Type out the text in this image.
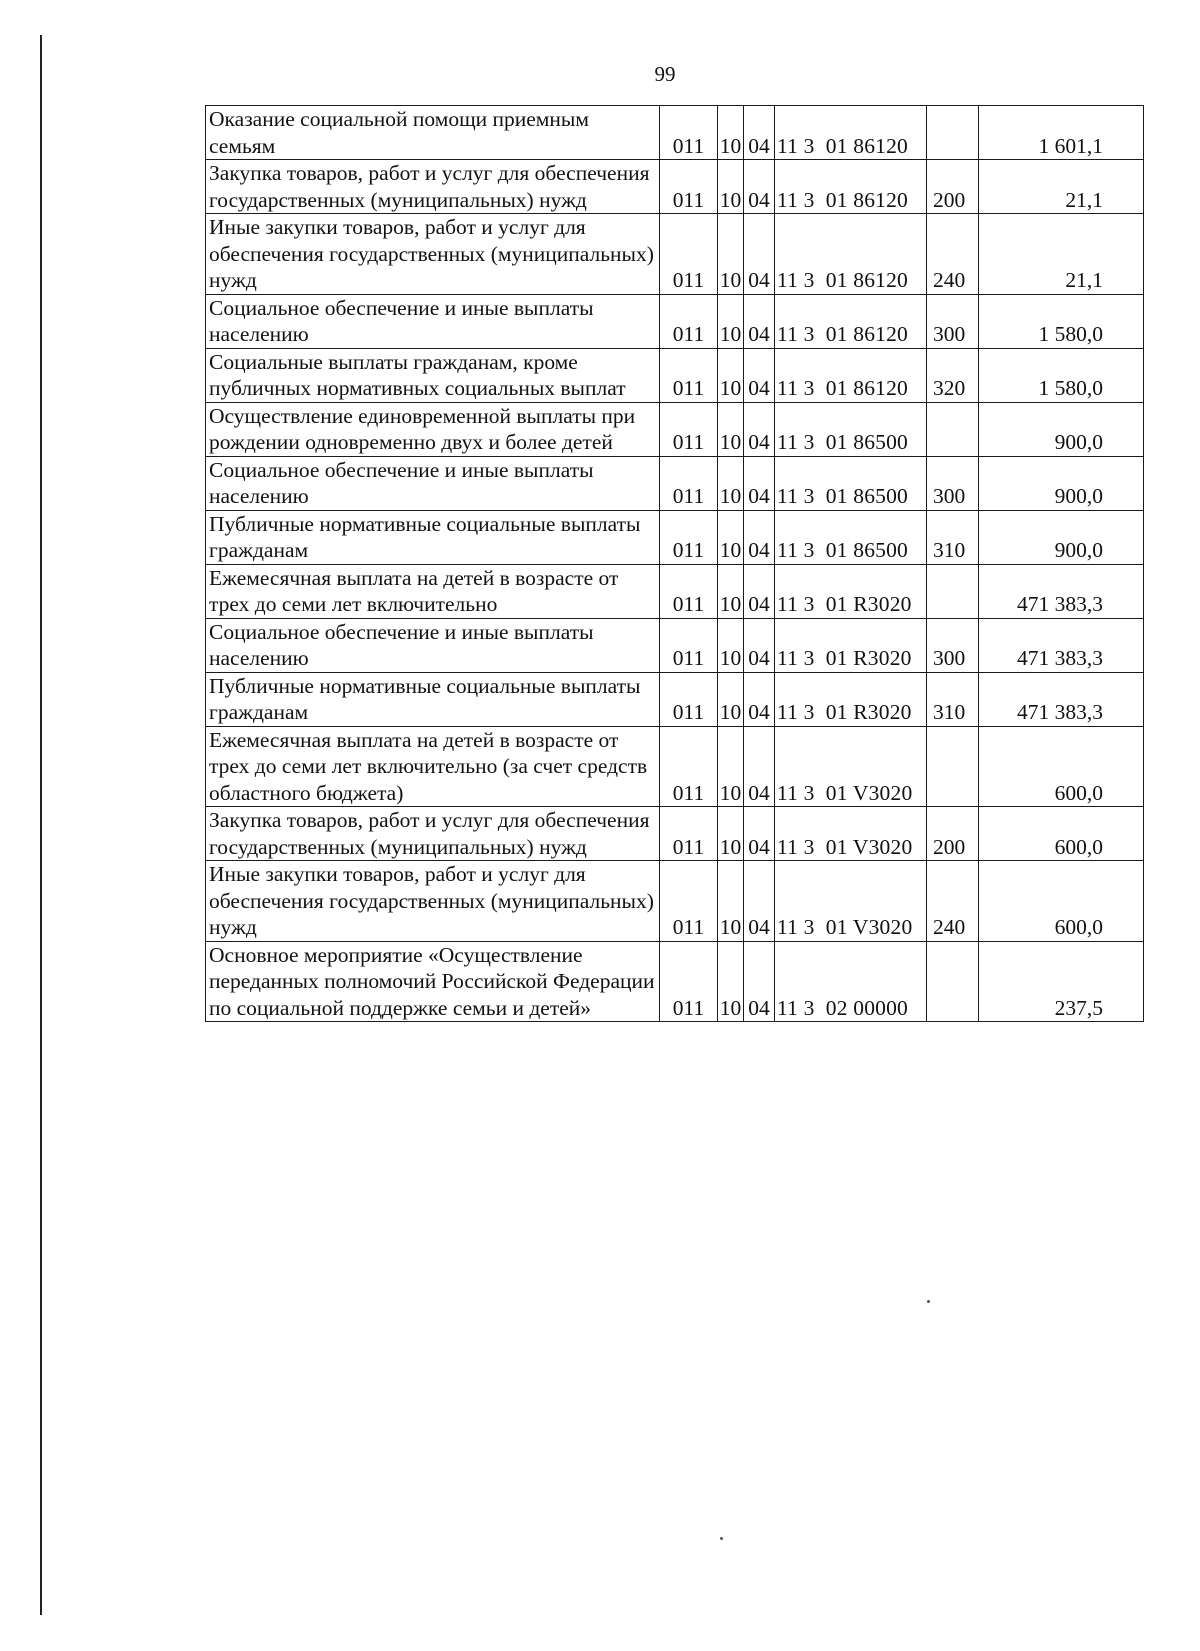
99
Оказание социальной помощи приемным семьям	011	10	04	11 3  01 86120		1 601,1

Закупка товаров, работ и услуг для обеспечения государственных (муниципальных) нужд	011	10	04	11 3  01 86120	200	21,1

Иные закупки товаров, работ и услуг для обеспечения государственных (муниципальных) нужд	011	10	04	11 3  01 86120	240	21,1

Социальное обеспечение и иные выплаты населению	011	10	04	11 3  01 86120	300	1 580,0

Социальные выплаты гражданам, кроме публичных нормативных социальных выплат	011	10	04	11 3  01 86120	320	1 580,0

Осуществление единовременной выплаты при рождении одновременно двух и более детей	011	10	04	11 3  01 86500		900,0

Социальное обеспечение и иные выплаты населению	011	10	04	11 3  01 86500	300	900,0

Публичные нормативные социальные выплаты гражданам	011	10	04	11 3  01 86500	310	900,0

Ежемесячная выплата на детей в возрасте от трех до семи лет включительно	011	10	04	11 3  01 R3020		471 383,3

Социальное обеспечение и иные выплаты населению	011	10	04	11 3  01 R3020	300	471 383,3

Публичные нормативные социальные выплаты гражданам	011	10	04	11 3  01 R3020	310	471 383,3

Ежемесячная выплата на детей в возрасте от трех до семи лет включительно (за счет средств областного бюджета)	011	10	04	11 3  01 V3020		600,0

Закупка товаров, работ и услуг для обеспечения государственных (муниципальных) нужд	011	10	04	11 3  01 V3020	200	600,0

Иные закупки товаров, работ и услуг для обеспечения государственных (муниципальных) нужд	011	10	04	11 3  01 V3020	240	600,0

Основное мероприятие «Осуществление переданных полномочий Российской Федерации по социальной поддержке семьи и детей»	011	10	04	11 3  02 00000		237,5
